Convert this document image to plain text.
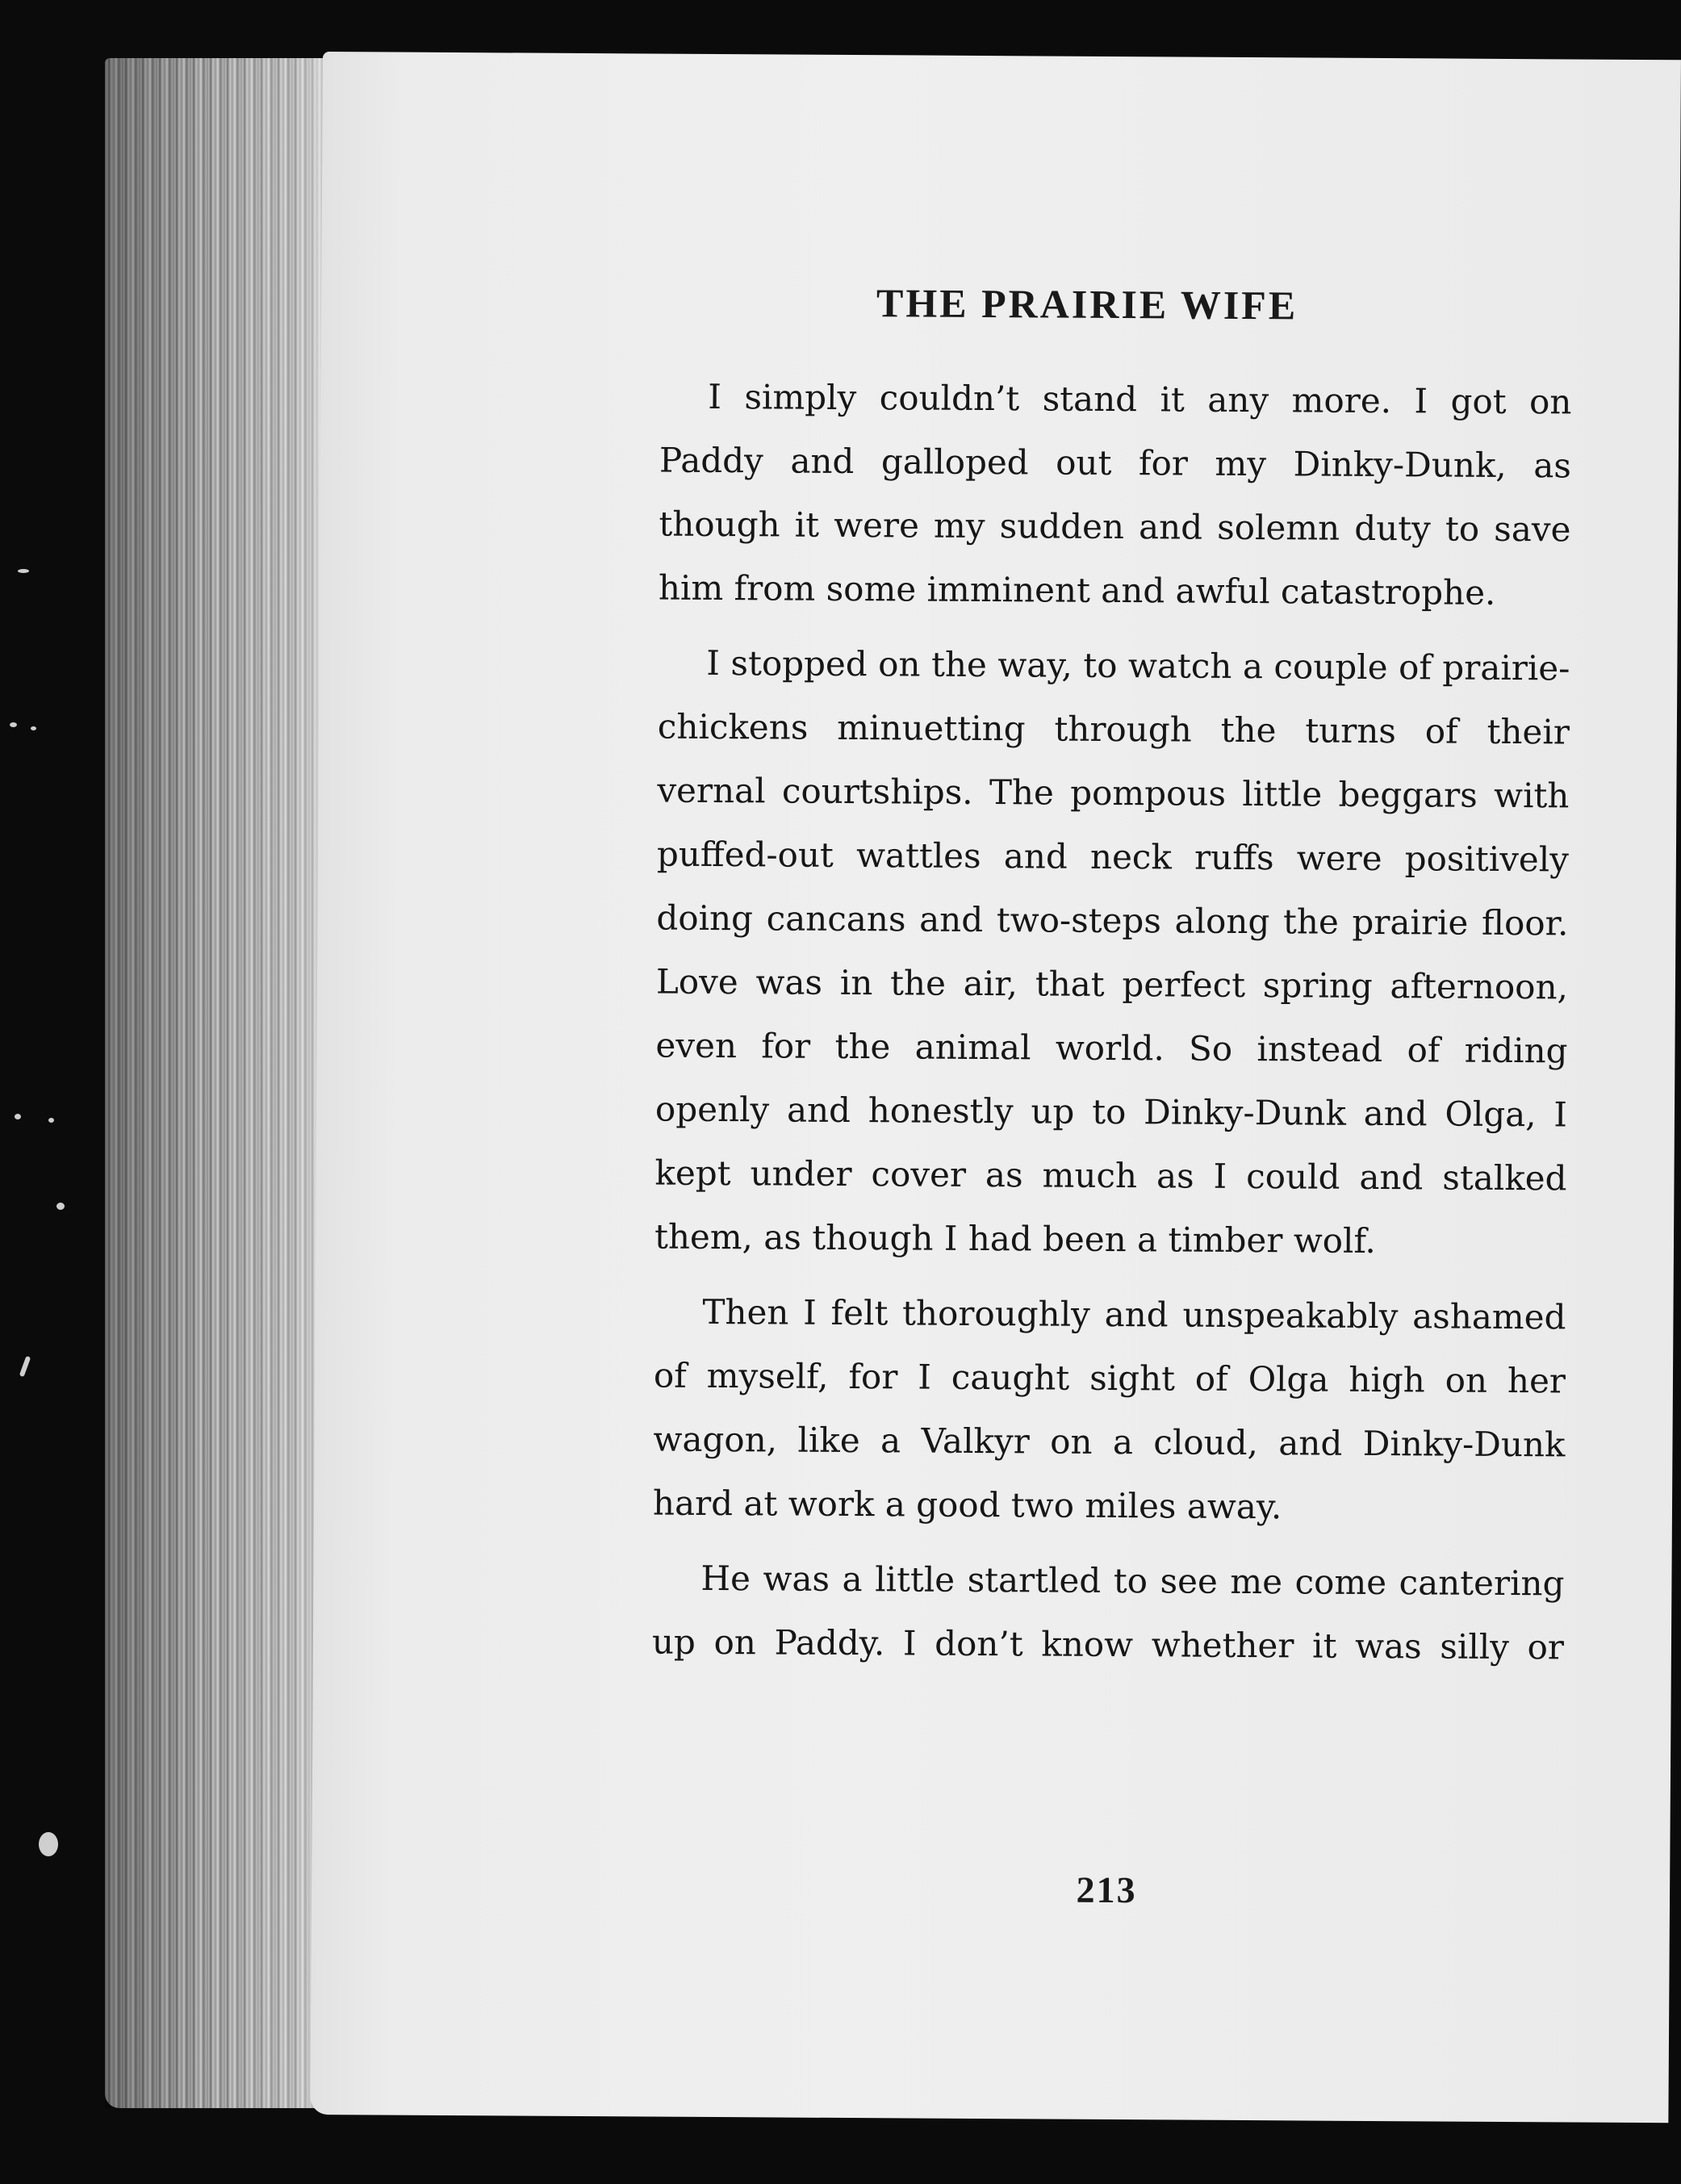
THE PRAIRIE WIFE

I simply couldn’t stand it any more. I got on Paddy and galloped out for my Dinky-Dunk, as though it were my sudden and solemn duty to save him from some imminent and awful catastrophe.

I stopped on the way, to watch a couple of prairie-chickens minuetting through the turns of their vernal courtships. The pompous little beggars with puffed-out wattles and neck ruffs were positively doing cancans and two-steps along the prairie floor. Love was in the air, that perfect spring afternoon, even for the animal world. So instead of riding openly and honestly up to Dinky-Dunk and Olga, I kept under cover as much as I could and stalked them, as though I had been a timber wolf.

Then I felt thoroughly and unspeakably ashamed of myself, for I caught sight of Olga high on her wagon, like a Valkyr on a cloud, and Dinky-Dunk hard at work a good two miles away.

He was a little startled to see me come cantering up on Paddy. I don’t know whether it was silly or

213
